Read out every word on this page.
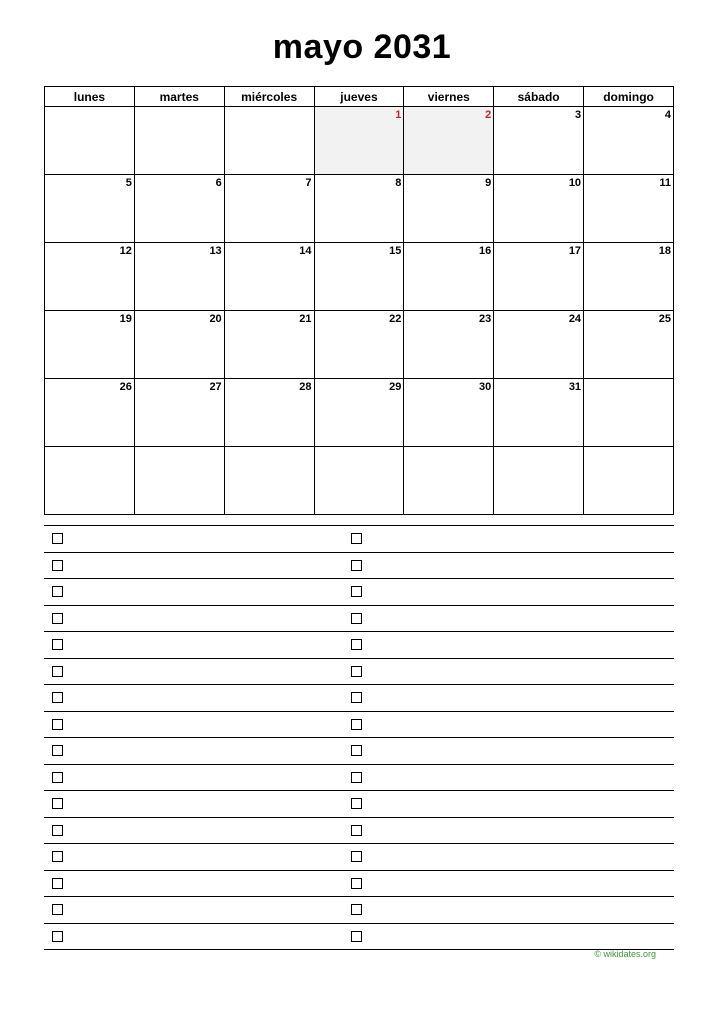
mayo 2031
lunes	martes	miércoles	jueves	viernes	sábado	domingo
			1	2	3	4
5	6	7	8	9	10	11
12	13	14	15	16	17	18
19	20	21	22	23	24	25
26	27	28	29	30	31	

© wikidates.org
